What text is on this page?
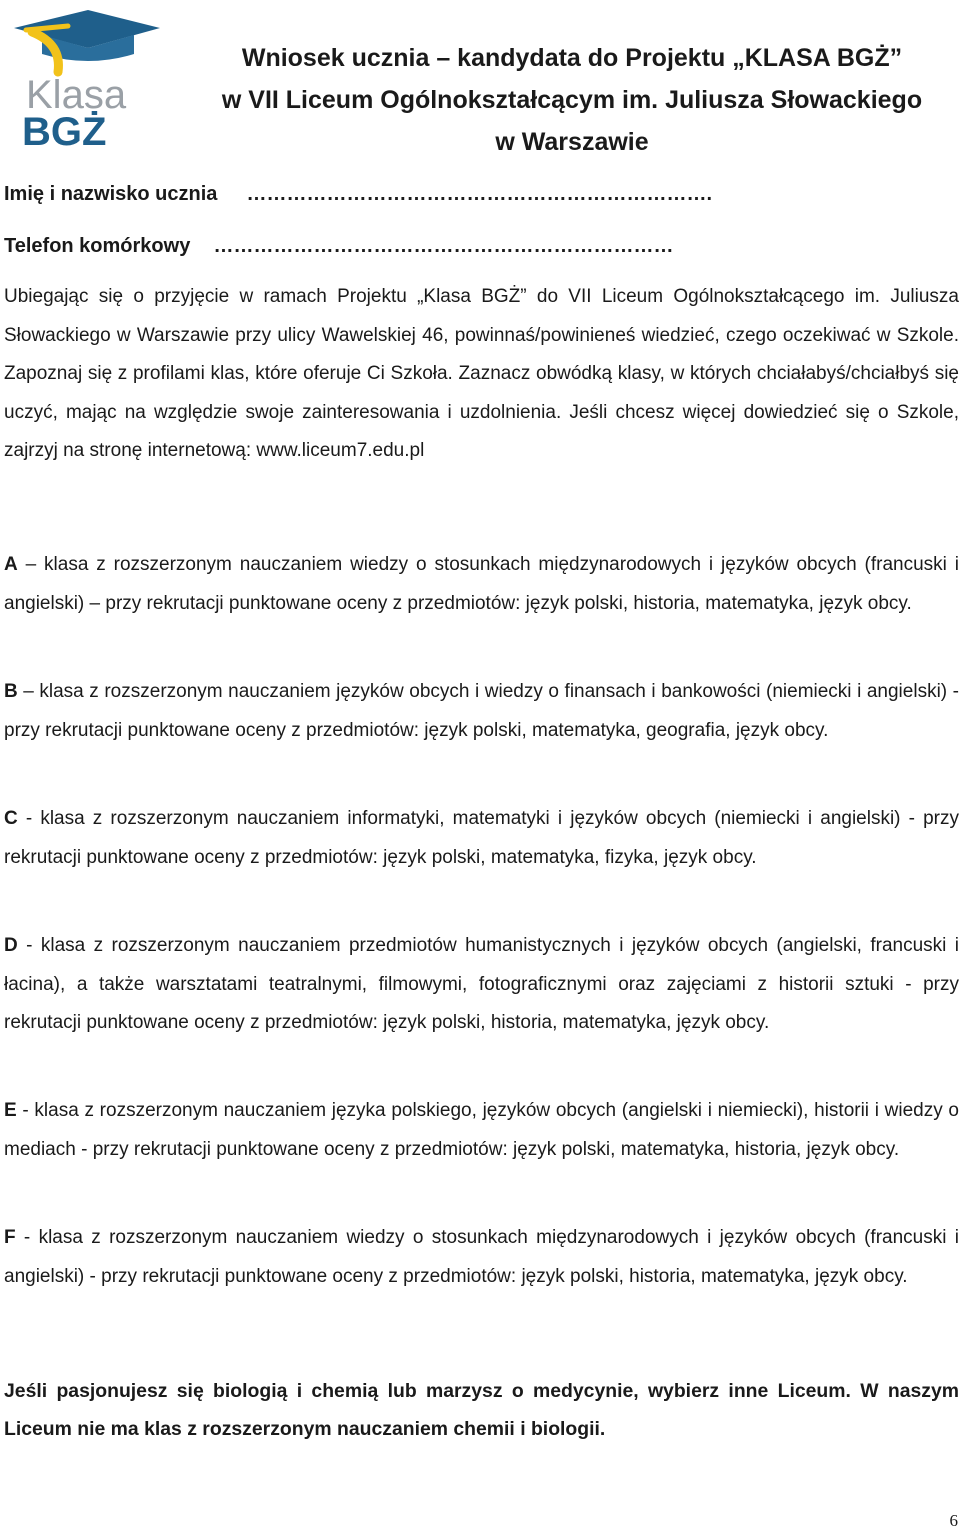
Klasa
BGŻ
Wniosek ucznia – kandydata do Projektu „KLASA BGŻ”
w VII Liceum Ogólnokształcącym im. Juliusza Słowackiego
w Warszawie
Imię i nazwisko ucznia …………………………………………………………….
Telefon komórkowy ……………………………………………………………

Ubiegając się o przyjęcie w ramach Projektu „Klasa BGŻ” do VII Liceum Ogólnokształcącego im. Juliusza Słowackiego w Warszawie przy ulicy Wawelskiej 46, powinnaś/powinieneś wiedzieć, czego oczekiwać w Szkole. Zapoznaj się z profilami klas, które oferuje Ci Szkoła. Zaznacz obwódką klasy, w których chciałabyś/chciałbyś się uczyć, mając na względzie swoje zainteresowania i uzdolnienia. Jeśli chcesz więcej dowiedzieć się o Szkole, zajrzyj na stronę internetową: www.liceum7.edu.pl

A – klasa z rozszerzonym nauczaniem wiedzy o stosunkach międzynarodowych i języków obcych (francuski i angielski) – przy rekrutacji punktowane oceny z przedmiotów: język polski, historia, matematyka, język obcy.

B – klasa z rozszerzonym nauczaniem języków obcych i wiedzy o finansach i bankowości (niemiecki i angielski) - przy rekrutacji punktowane oceny z przedmiotów: język polski, matematyka, geografia, język obcy.

C - klasa z rozszerzonym nauczaniem informatyki, matematyki i języków obcych (niemiecki i angielski) - przy rekrutacji punktowane oceny z przedmiotów: język polski, matematyka, fizyka, język obcy.

D - klasa z rozszerzonym nauczaniem przedmiotów humanistycznych i języków obcych (angielski, francuski i łacina), a także warsztatami teatralnymi, filmowymi, fotograficznymi oraz zajęciami z historii sztuki - przy rekrutacji punktowane oceny z przedmiotów: język polski, historia, matematyka, język obcy.

E - klasa z rozszerzonym nauczaniem języka polskiego, języków obcych (angielski i niemiecki), historii i wiedzy o mediach - przy rekrutacji punktowane oceny z przedmiotów: język polski, matematyka, historia, język obcy.

F - klasa z rozszerzonym nauczaniem wiedzy o stosunkach międzynarodowych i języków obcych (francuski i angielski) - przy rekrutacji punktowane oceny z przedmiotów: język polski, historia, matematyka, język obcy.

Jeśli pasjonujesz się biologią i chemią lub marzysz o medycynie, wybierz inne Liceum. W naszym Liceum nie ma klas z rozszerzonym nauczaniem chemii i biologii.

6
